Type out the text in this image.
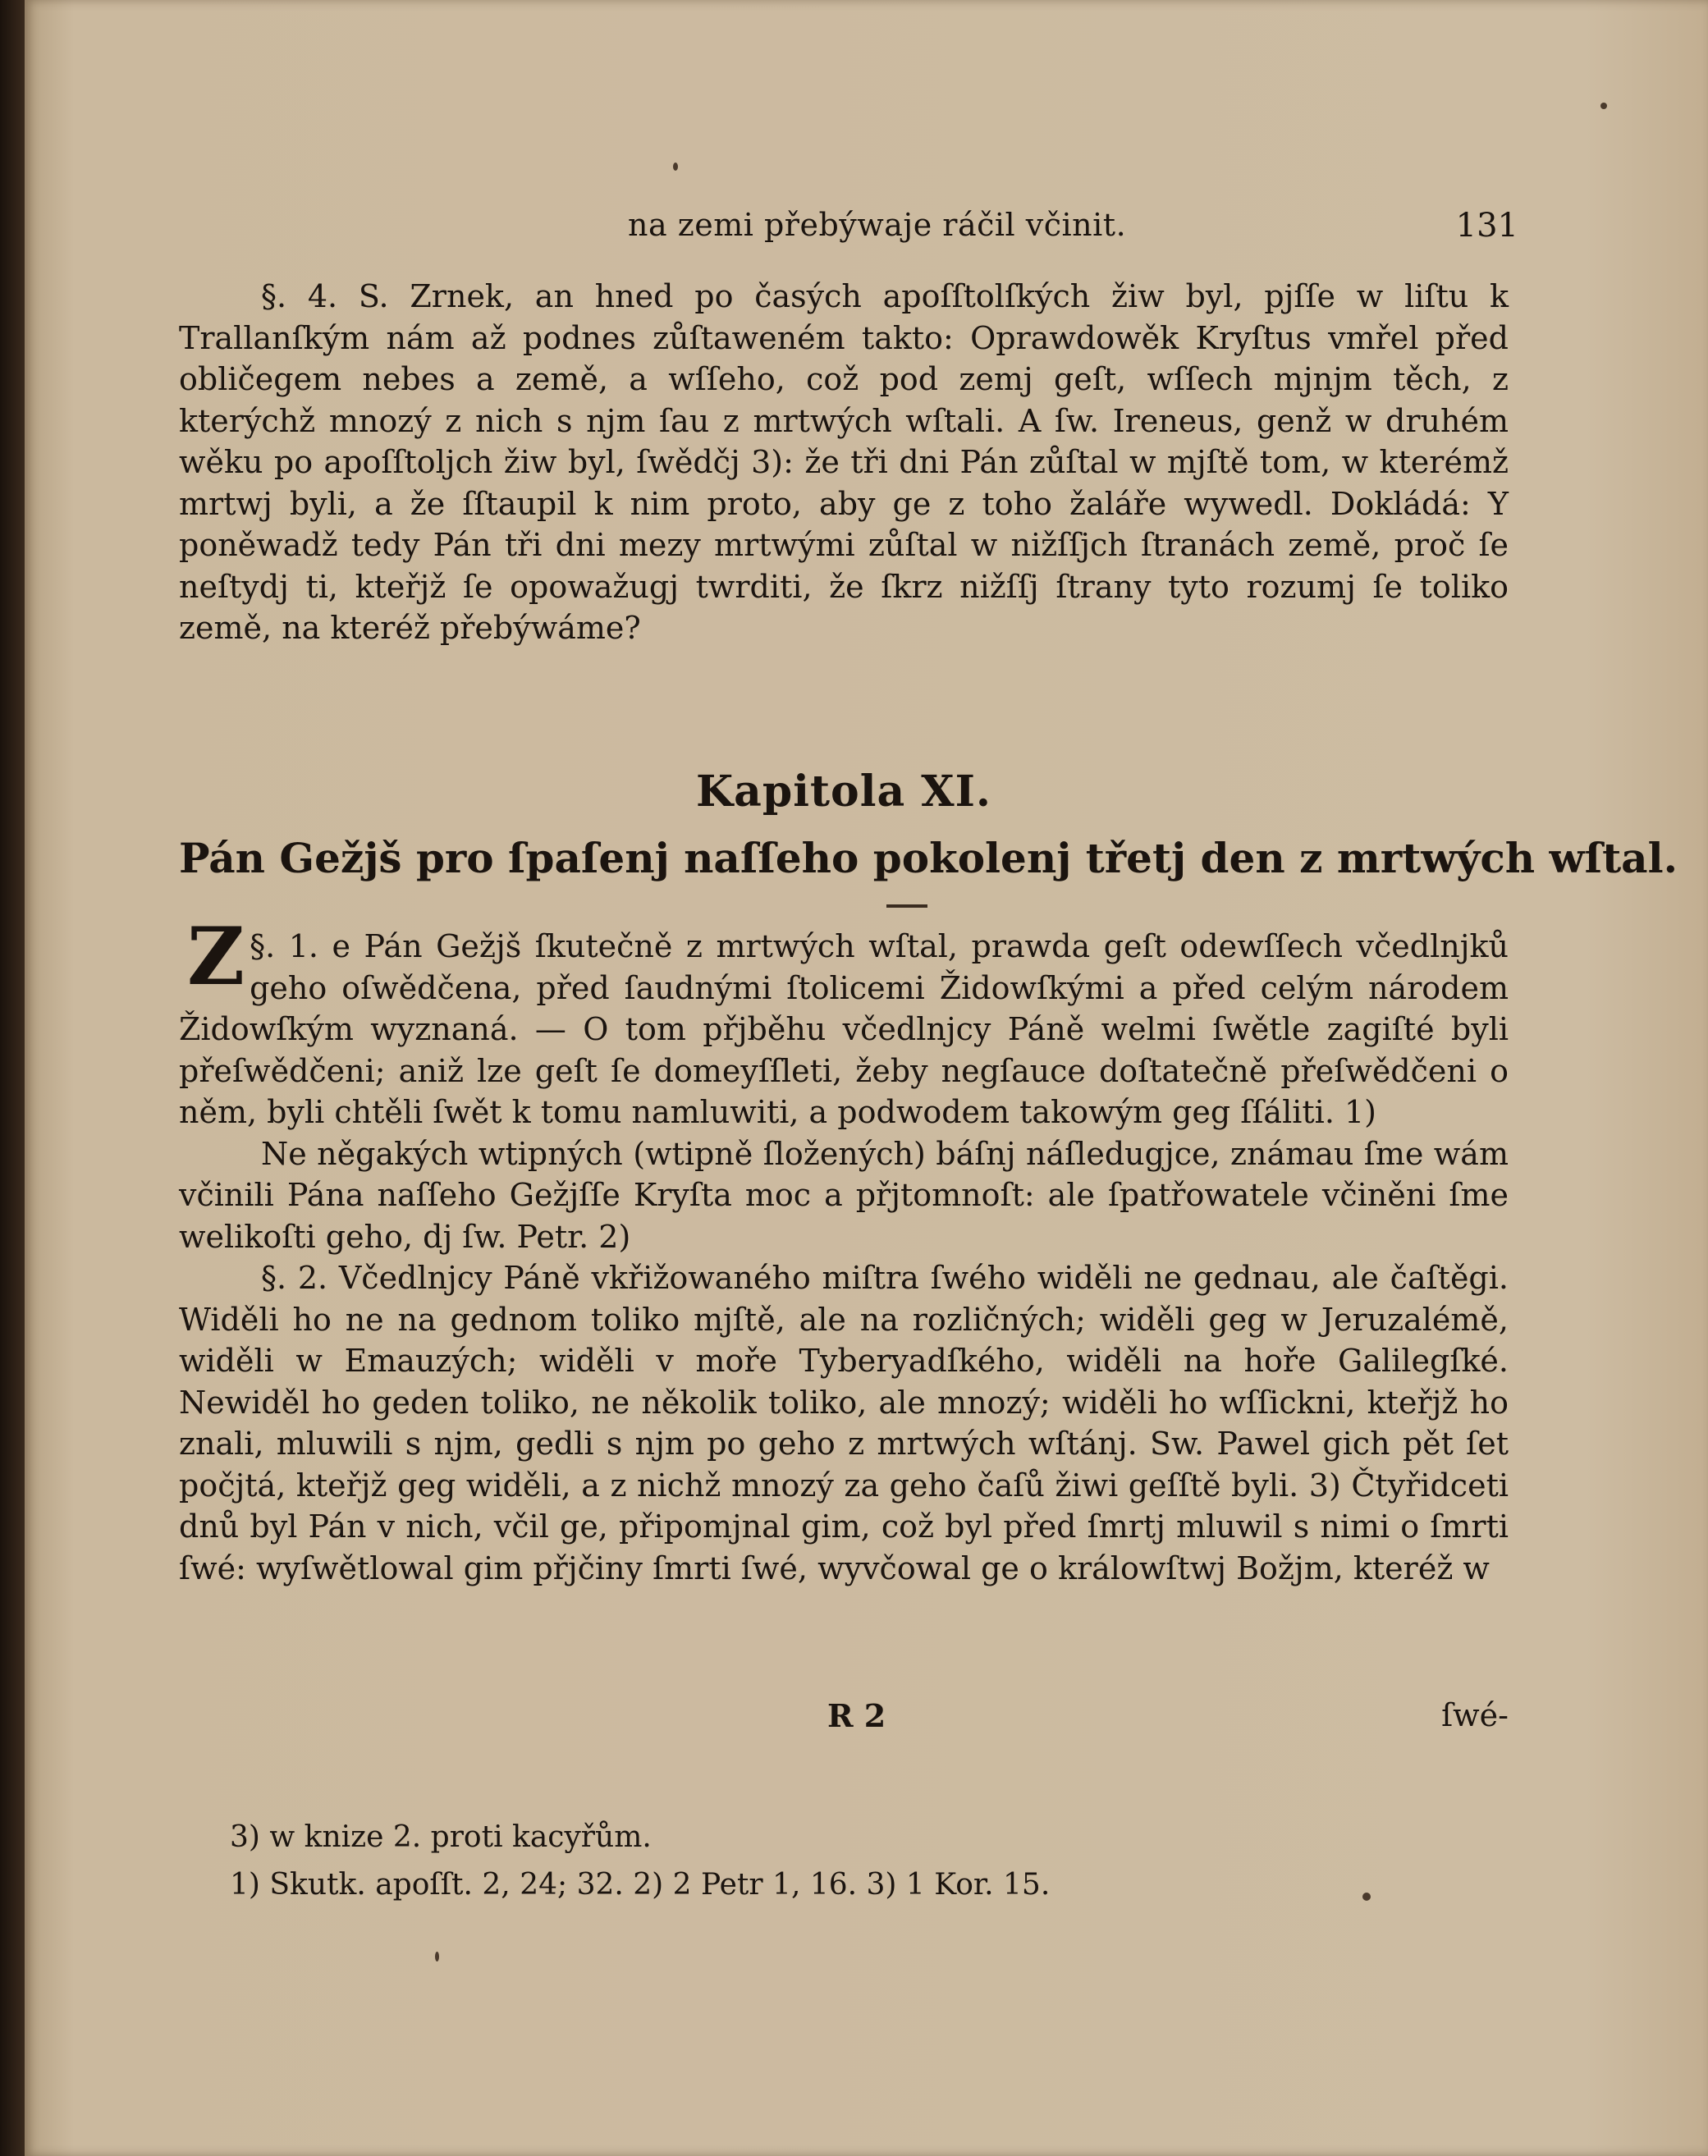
na zemi přebýwaje ráčil včinit.	131

§. 4. S. Zrnek, an hned po časých apoſſtolſkých žiw byl, pjſſe w liſtu k Trallanſkým nám až podnes zůſtaweném takto: Oprawdowěk Kryſtus vmřel před obličegem nebes a země, a wſſeho, což pod zemj geſt, wſſech mjnjm těch, z kterýchž mnozý z nich s njm ſau z mrtwých wſtali. A ſw. Ireneus, genž w druhém wěku po apoſſtoljch žiw byl, ſwědčj 3): že tři dni Pán zůſtal w mjſtě tom, w kterémž mrtwj byli, a že ſſtaupil k nim proto, aby ge z toho žaláře wywedl. Dokládá: Y poněwadž tedy Pán tři dni mezy mrtwými zůſtal w nižſſjch ſtranách země, proč ſe neſtydj ti, kteřjž ſe opowažugj twrditi, že ſkrz nižſſj ſtrany tyto rozumj ſe toliko země, na kteréž přebýwáme?

Kapitola XI.
Pán Gežjš pro ſpaſenj naſſeho pokolenj třetj den z mrtwých wſtal.

§. 1.
Z	e Pán Gežjš ſkutečně z mrtwých wſtal, prawda geſt odewſſech včedlnjků geho oſwědčena, před ſaudnými ſtolicemi Židowſkými a před celým národem Židowſkým wyznaná. — O tom přjběhu včedlnjcy Páně welmi ſwětle zagiſté byli přeſwědčeni; aniž lze geſt ſe domeyſſleti, žeby negſauce doſtatečně přeſwědčeni o něm, byli chtěli ſwět k tomu namluwiti, a podwodem takowým geg ſſáliti. 1)

Ne něgakých wtipných (wtipně ſložených) báſnj náſledugjce, známau ſme wám včinili Pána naſſeho Gežjſſe Kryſta moc a přjtomnoſt: ale ſpatřowatele včiněni ſme welikoſti geho, dj ſw. Petr. 2)

§. 2. Včedlnjcy Páně vkřižowaného miſtra ſwého widěli ne gednau, ale čaſtěgi. Widěli ho ne na gednom toliko mjſtě, ale na rozličných; widěli geg w Jeruzalémě, widěli w Emauzých; widěli v moře Tyberyadſkého, widěli na hoře Galilegſké. Newiděl ho geden toliko, ne několik toliko, ale mnozý; widěli ho wſſickni, kteřjž ho znali, mluwili s njm, gedli s njm po geho z mrtwých wſtánj. Sw. Pawel gich pět ſet počjtá, kteřjž geg widěli, a z nichž mnozý za geho čaſů žiwi geſſtě byli. 3) Čtyřidceti dnů byl Pán v nich, včil ge, připomjnal gim, což byl před ſmrtj mluwil s nimi o ſmrti ſwé: wyſwětlowal gim přjčiny ſmrti ſwé, wyvčowal ge o králowſtwj Božjm, kteréž w

R 2	ſwé-
3) w knize 2. proti kacyřům.
1) Skutk. apoſſt. 2, 24; 32. 2) 2 Petr 1, 16. 3) 1 Kor. 15.
